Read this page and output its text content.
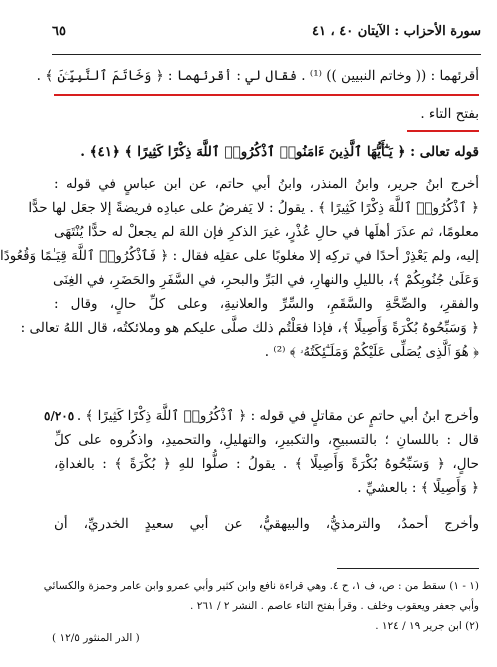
٦٥	سورة الأحزاب : الآيتان ٤٠ ، ٤١
أقرئهما : (( وخاتم النبيين )) ⁽¹⁾ . فقال لي : أقرئهما : ﴿ وَخَاتَمَ ٱلنَّبِيِّـۧنَ ﴾ .
بفتح التاء .
قوله تعالى : ﴿ يَـٰٓأَيُّهَا ٱلَّذِينَ ءَامَنُوا۟ ٱذْكُرُوا۟ ٱللَّهَ ذِكْرًا كَثِيرًا ﴾ ﴿٤١﴾ .
أخرج ابنُ جرير، وابنُ المنذر، وابنُ أبي حاتم، عن ابن عباسٍ في قوله :
﴿ ٱذْكُرُوا۟ ٱللَّهَ ذِكْرًا كَثِيرًا ﴾ . يقولُ : لا يَفرضُ على عبادِه فريضةً إلا جعَل لها حدًّا
معلومًا، ثم عذَرَ أهلَها في حالِ عُذْرٍ، غيرَ الذكرِ فإن اللهَ لم يجعلْ له حدًّا يُنْتَهَى
إليه، ولم يَعْذِرْ أحدًا في تركِه إلا مغلوبًا على عقلِه فقال : ﴿ فَٱذْكُرُوا۟ ٱللَّهَ قِيَـٰمًا وَقُعُودًا
وَعَلَىٰ جُنُوبِكُمْ ﴾، بالليلِ والنهارِ، في البَرِّ والبحرِ، في السَّفَرِ والحَضَرِ، في الغِنَى
والفقرِ، والصِّحَّةِ والسَّقَمِ، والسِّرِّ والعلانيةِ، وعلى كلِّ حالٍ، وقال :
﴿ وَسَبِّحُوهُ بُكْرَةً وَأَصِيلًا ﴾، فإذا فعَلْتُم ذلك صلَّى عليكم هو وملائكتُه، قال اللهُ تعالى :
﴿ هُوَ ٱلَّذِى يُصَلِّى عَلَيْكُمْ وَمَلَـٰٓئِكَتُهُۥ ﴾ ⁽²⁾ .
٥/٢٠٥ وأخرج ابنُ أبي حاتمٍ عن مقاتلٍ في قوله : ﴿ ٱذْكُرُوا۟ ٱللَّهَ ذِكْرًا كَثِيرًا ﴾ .
قال : باللسانِ ؛ بالتسبيحِ، والتكبيرِ، والتهليلِ، والتحميدِ، واذكُروه على كلِّ
حالٍ، ﴿ وَسَبِّحُوهُ بُكْرَةً وَأَصِيلًا ﴾ . يقولُ : صلُّوا للهِ ﴿ بُكْرَةً ﴾ : بالغداةِ،
﴿ وَأَصِيلًا ﴾ : بالعشيِّ .
وأخرج أحمدُ، والترمذيُّ، والبيهقيُّ، عن أبي سعيدٍ الخدريِّ، أن
(١ - ١) سقط من : ص، ف ١، ح ٤. وهي قراءة نافع وابن كثير وأبي عمرو وابن عامر وحمزة والكسائي
وأبي جعفر ويعقوب وخلف . وقرأ بفتح التاء عاصم . النشر ٢ / ٢٦١ .
(٢) ابن جرير ١٩ / ١٢٤ .
( الدر المنثور ١٢/٥ )
